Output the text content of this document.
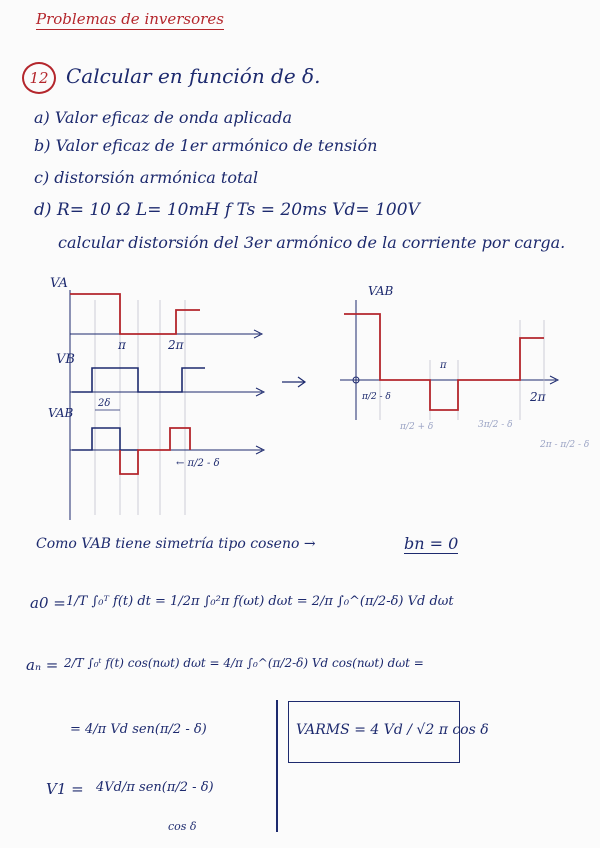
Problemas de inversores
12 Calcular en función de δ.
a) Valor eficaz de onda aplicada
b) Valor eficaz de 1er armónico de tensión
c) distorsión armónica total
d) R= 10 Ω L= 10mH f Ts = 20ms Vd= 100V
calcular distorsión del 3er armónico de la corriente por carga.
VA
π	2π
VB
VAB
2δ
← π/2 - δ
VAB
π
2π
π/2 - δ
π/2 + δ	3π/2 - δ
2π - π/2 - δ
Como VAB tiene simetría tipo coseno →	bn = 0
a0 = 1/T ∫₀ᵀ f(t) dt = 1/2π ∫₀²π f(ωt) dωt = 2/π ∫₀^(π/2-δ) Vd dωt
aₙ = 2/T ∫₀ᵗ f(t) cos(nωt) dωt = 4/π ∫₀^(π/2-δ) Vd cos(nωt) dωt =
= 4/π Vd sen(π/2 - δ)	VARMS = 4 Vd / √2 π cos δ
V1 = 4Vd/π sen(π/2 - δ)
cos δ
